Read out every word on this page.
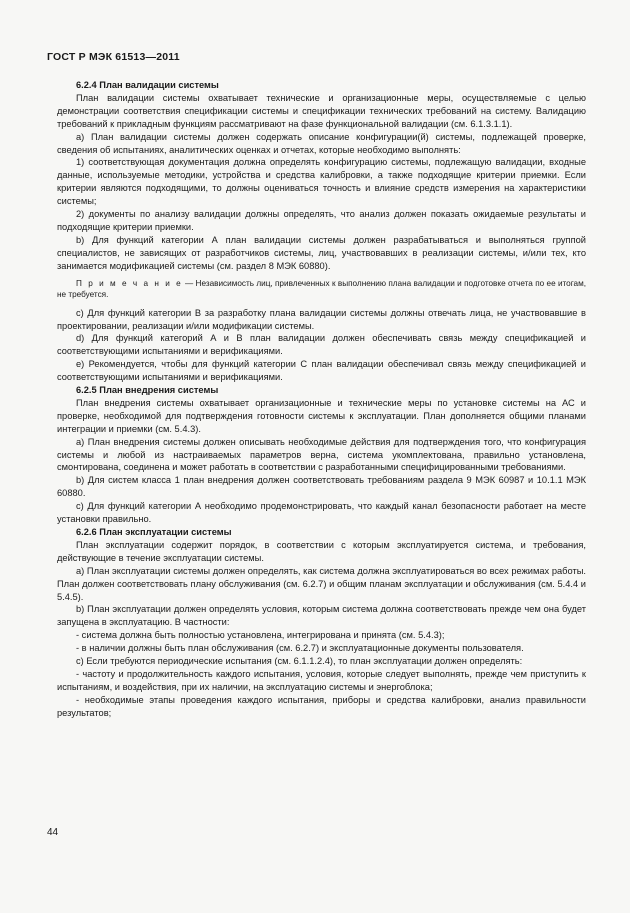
ГОСТ Р МЭК 61513—2011

6.2.4 План валидации системы

План валидации системы охватывает технические и организационные меры, осуществляемые с целью демонстрации соответствия спецификации системы и спецификации технических требований на систему. Валидацию требований к прикладным функциям рассматривают на фазе функциональной валидации (см. 6.1.3.1.1).

a) План валидации системы должен содержать описание конфигурации(й) системы, подлежащей проверке, сведения об испытаниях, аналитических оценках и отчетах, которые необходимо выполнять:

1) соответствующая документация должна определять конфигурацию системы, подлежащую валидации, входные данные, используемые методики, устройства и средства калибровки, а также подходящие критерии приемки. Если критерии являются подходящими, то должны оцениваться точность и влияние средств измерения на характеристики системы;

2) документы по анализу валидации должны определять, что анализ должен показать ожидаемые результаты и подходящие критерии приемки.

b) Для функций категории А план валидации системы должен разрабатываться и выполняться группой специалистов, не зависящих от разработчиков системы, лиц, участвовавших в реализации системы, и/или тех, кто занимается модификацией системы (см. раздел 8 МЭК 60880).

П р и м е ч а н и е — Независимость лиц, привлеченных к выполнению плана валидации и подготовке отчета по ее итогам, не требуется.

c) Для функций категории В за разработку плана валидации системы должны отвечать лица, не участвовавшие в проектировании, реализации и/или модификации системы.

d) Для функций категорий А и В план валидации должен обеспечивать связь между спецификацией и соответствующими испытаниями и верификациями.

e) Рекомендуется, чтобы для функций категории С план валидации обеспечивал связь между спецификацией и соответствующими испытаниями и верификациями.

6.2.5 План внедрения системы

План внедрения системы охватывает организационные и технические меры по установке системы на АС и проверке, необходимой для подтверждения готовности системы к эксплуатации. План дополняется общими планами интеграции и приемки (см. 5.4.3).

a) План внедрения системы должен описывать необходимые действия для подтверждения того, что конфигурация системы и любой из настраиваемых параметров верна, система укомплектована, правильно установлена, смонтирована, соединена и может работать в соответствии с разработанными специфицированными требованиями.

b) Для систем класса 1 план внедрения должен соответствовать требованиям раздела 9 МЭК 60987 и 10.1.1 МЭК 60880.

c) Для функций категории А необходимо продемонстрировать, что каждый канал безопасности работает на месте установки правильно.

6.2.6 План эксплуатации системы

План эксплуатации содержит порядок, в соответствии с которым эксплуатируется система, и требования, действующие в течение эксплуатации системы.

a) План эксплуатации системы должен определять, как система должна эксплуатироваться во всех режимах работы. План должен соответствовать плану обслуживания (см. 6.2.7) и общим планам эксплуатации и обслуживания (см. 5.4.4 и 5.4.5).

b) План эксплуатации должен определять условия, которым система должна соответствовать прежде чем она будет запущена в эксплуатацию. В частности:

- система должна быть полностью установлена, интегрирована и принята (см. 5.4.3);

- в наличии должны быть план обслуживания (см. 6.2.7) и эксплуатационные документы пользователя.

c) Если требуются периодические испытания (см. 6.1.1.2.4), то план эксплуатации должен определять:

- частоту и продолжительность каждого испытания, условия, которые следует выполнять, прежде чем приступить к испытаниям, и воздействия, при их наличии, на эксплуатацию системы и энергоблока;

- необходимые этапы проведения каждого испытания, приборы и средства калибровки, анализ правильности результатов;

44
